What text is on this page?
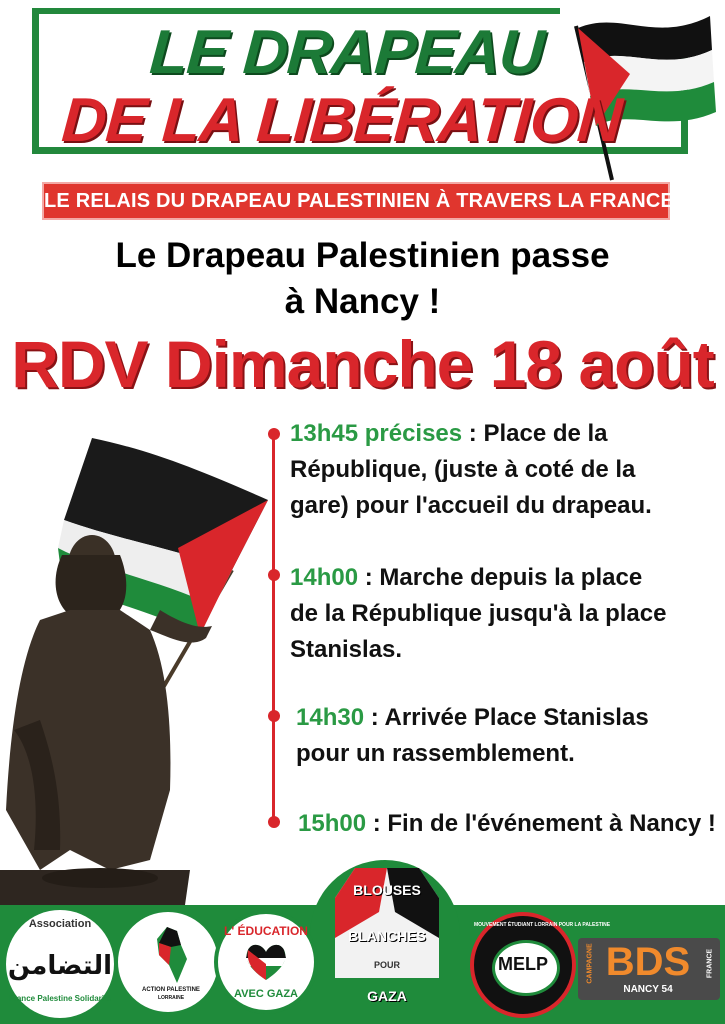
LE DRAPEAU
DE LA LIBÉRATION
LE RELAIS DU DRAPEAU PALESTINIEN À TRAVERS LA FRANCE
Le Drapeau Palestinien passe
à Nancy !
RDV Dimanche 18 août
13h45 précises : Place de la
République, (juste à coté de la
gare) pour l'accueil du drapeau.
14h00 : Marche depuis la place
de la République jusqu'à la place
Stanislas.
14h30 : Arrivée Place Stanislas
pour un rassemblement.
15h00 : Fin de l'événement à Nancy !
Association
التضامن
France Palestine Solidarité
ACTION PALESTINE
LORRAINE
L' ÉDUCATION
AVEC GAZA
BLOUSES
BLANCHES
POUR
GAZA
MOUVEMENT ÉTUDIANT LORRAIN POUR LA PALESTINE
MELP	CAMPAGNE BDS	FRANCE
NANCY 54
